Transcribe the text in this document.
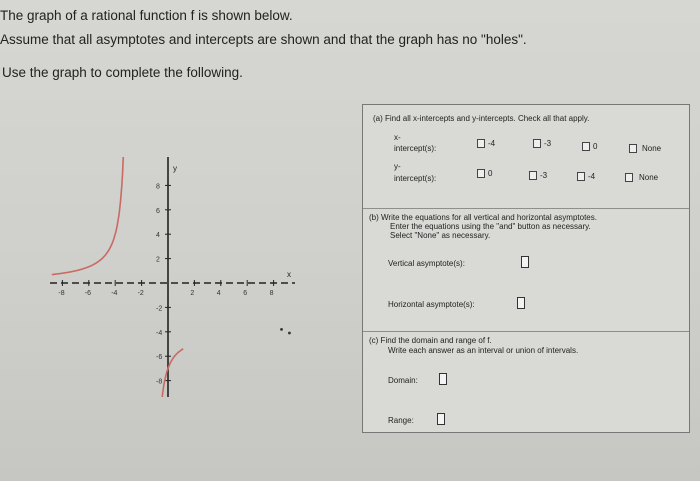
The graph of a rational function f is shown below.
Assume that all asymptotes and intercepts are shown and that the graph has no "holes".
Use the graph to complete the following.
x
y
-8	-6	-4	-2	2	4	6	8
8
6
4
2
-2
-4
-6
-8
(a) Find all x-intercepts and y-intercepts. Check all that apply.
x-
intercept(s):
-4	-3	0	None
y-
intercept(s):
0	-3	-4	None
(b) Write the equations for all vertical and horizontal asymptotes.
Enter the equations using the "and" button as necessary.
Select "None" as necessary.
Vertical asymptote(s):
Horizontal asymptote(s):
(c) Find the domain and range of f.
Write each answer as an interval or union of intervals.
Domain:
Range:
